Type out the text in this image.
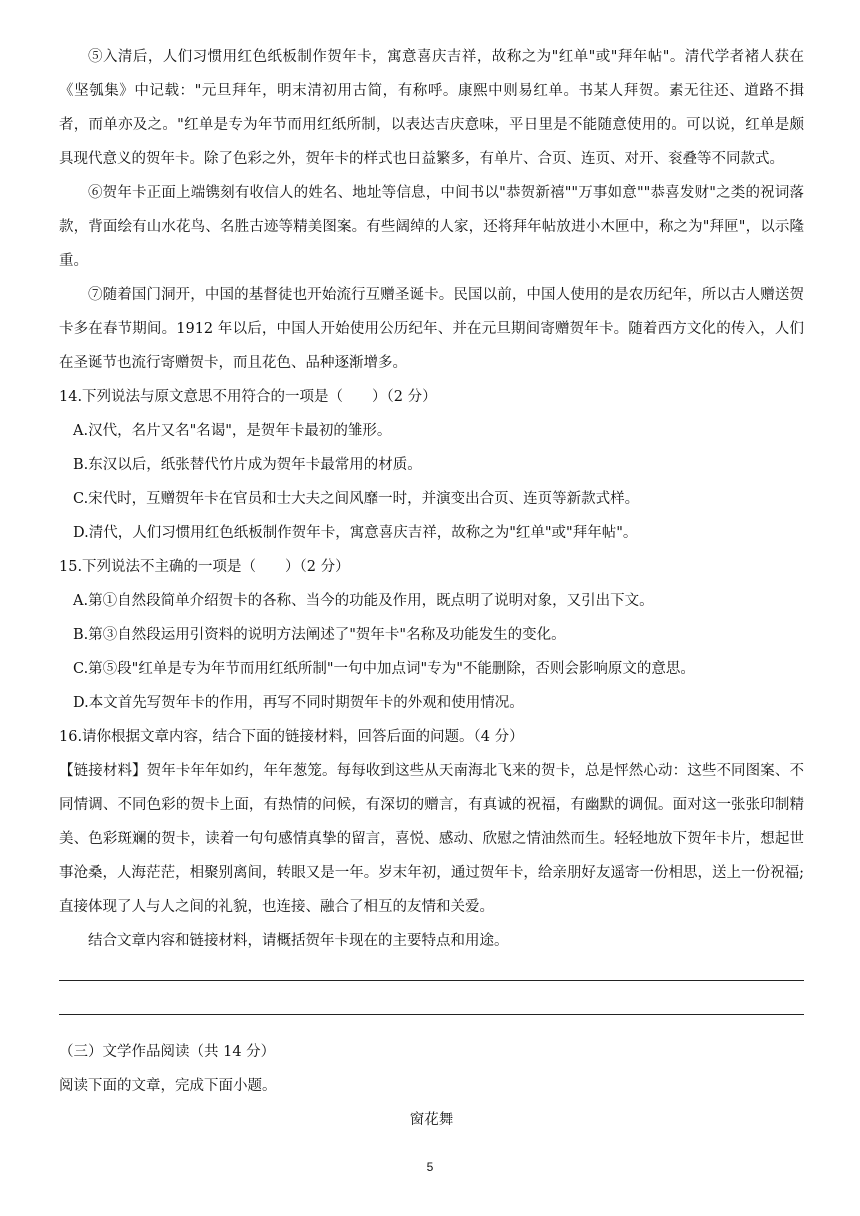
⑤入清后，人们习惯用红色纸板制作贺年卡，寓意喜庆吉祥，故称之为"红单"或"拜年帖"。清代学者褚人获在《坚瓠集》中记载："元旦拜年，明末清初用古简，有称呼。康熙中则易红单。书某人拜贺。素无往还、道路不揖者，而单亦及之。"红单是专为年节而用红纸所制，以表达吉庆意味，平日里是不能随意使用的。可以说，红单是颇具现代意义的贺年卡。除了色彩之外，贺年卡的样式也日益繁多，有单片、合页、连页、对开、衮叠等不同款式。

⑥贺年卡正面上端镌刻有收信人的姓名、地址等信息，中间书以"恭贺新禧""万事如意""恭喜发财"之类的祝词落款，背面绘有山水花鸟、名胜古迹等精美图案。有些阔绰的人家，还将拜年帖放进小木匣中，称之为"拜匣"，以示隆重。

⑦随着国门洞开，中国的基督徒也开始流行互赠圣诞卡。民国以前，中国人使用的是农历纪年，所以古人赠送贺卡多在春节期间。1912 年以后，中国人开始使用公历纪年、并在元旦期间寄赠贺年卡。随着西方文化的传入，人们在圣诞节也流行寄赠贺卡，而且花色、品种逐渐增多。

14.下列说法与原文意思不用符合的一项是（　　）（2 分）

A.汉代，名片又名"名谒"，是贺年卡最初的雏形。

B.东汉以后，纸张替代竹片成为贺年卡最常用的材质。

C.宋代时，互赠贺年卡在官员和士大夫之间风靡一时，并演变出合页、连页等新款式样。

D.清代，人们习惯用红色纸板制作贺年卡，寓意喜庆吉祥，故称之为"红单"或"拜年帖"。

15.下列说法不主确的一项是（　　）（2 分）

A.第①自然段简单介绍贺卡的各称、当今的功能及作用，既点明了说明对象，又引出下文。

B.第③自然段运用引资料的说明方法阐述了"贺年卡"名称及功能发生的变化。

C.第⑤段"红单是专为年节而用红纸所制"一句中加点词"专为"不能删除，否则会影响原文的意思。

D.本文首先写贺年卡的作用，再写不同时期贺年卡的外观和使用情况。

16.请你根据文章内容，结合下面的链接材料，回答后面的问题。（4 分）

【链接材料】贺年卡年年如约，年年葱笼。每每收到这些从天南海北飞来的贺卡，总是怦然心动：这些不同图案、不同情调、不同色彩的贺卡上面，有热情的问候，有深切的赠言，有真诚的祝福，有幽默的调侃。面对这一张张印制精美、色彩斑斓的贺卡，读着一句句感情真挚的留言，喜悦、感动、欣慰之情油然而生。轻轻地放下贺年卡片，想起世事沧桑，人海茫茫，相聚别离间，转眼又是一年。岁末年初，通过贺年卡，给亲朋好友遥寄一份相思，送上一份祝福;直接体现了人与人之间的礼貌，也连接、融合了相互的友情和关爱。

结合文章内容和链接材料，请概括贺年卡现在的主要特点和用途。

（三）文学作品阅读（共 14 分）

阅读下面的文章，完成下面小题。

窗花舞

5
